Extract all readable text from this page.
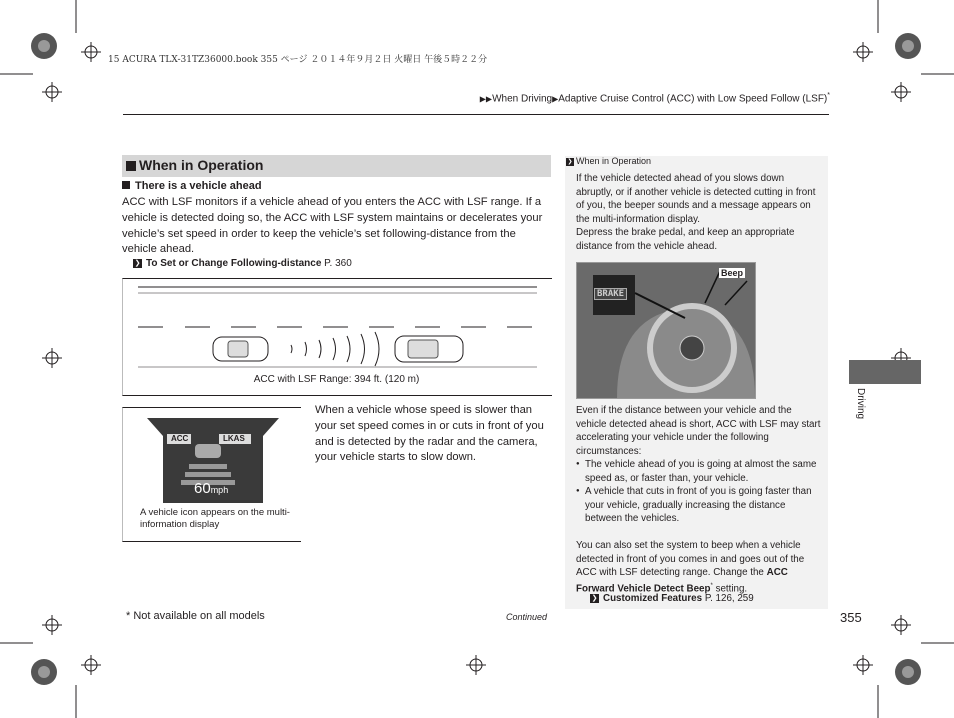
15 ACURA TLX-31TZ36000.book 355 ページ ２０１４年９月２日 火曜日 午後５時２２分
▶▶When Driving▶Adaptive Cruise Control (ACC) with Low Speed Follow (LSF)*
When in Operation
There is a vehicle ahead
ACC with LSF monitors if a vehicle ahead of you enters the ACC with LSF range. If a vehicle is detected doing so, the ACC with LSF system maintains or decelerates your vehicle’s set speed in order to keep the vehicle’s set following-distance from the vehicle ahead.
❯ To Set or Change Following-distance P. 360
ACC with LSF Range: 394 ft. (120 m)
ACC	LKAS
60mph
A vehicle icon appears on the multi-information display
When a vehicle whose speed is slower than your set speed comes in or cuts in front of you and is detected by the radar and the camera, your vehicle starts to slow down.
❯ When in Operation
If the vehicle detected ahead of you slows down abruptly, or if another vehicle is detected cutting in front of you, the beeper sounds and a message appears on the multi-information display.
Depress the brake pedal, and keep an appropriate distance from the vehicle ahead.
BRAKE
Beep
Even if the distance between your vehicle and the vehicle detected ahead is short, ACC with LSF may start accelerating your vehicle under the following circumstances:
● The vehicle ahead of you is going at almost the same speed as, or faster than, your vehicle.
● A vehicle that cuts in front of you is going faster than your vehicle, gradually increasing the distance between the vehicles.
You can also set the system to beep when a vehicle detected in front of you comes in and goes out of the ACC with LSF detecting range. Change the ACC Forward Vehicle Detect Beep* setting.
❯ Customized Features P. 126, 259
Driving
* Not available on all models	Continued	355
